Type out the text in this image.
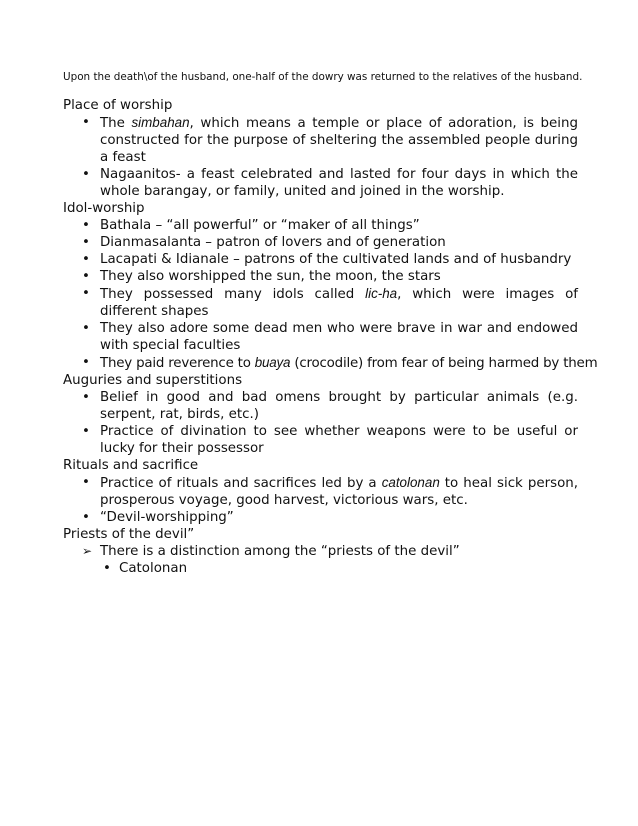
Upon the death\of the husband, one-half of the dowry was returned to the relatives of the husband.

Place of worship

• The simbahan, which means a temple or place of adoration, is being constructed for the purpose of sheltering the assembled people during a feast
• Nagaanitos- a feast celebrated and lasted for four days in which the whole barangay, or family, united and joined in the worship.

Idol-worship

• Bathala – “all powerful” or “maker of all things”
• Dianmasalanta – patron of lovers and of generation
• Lacapati & Idianale – patrons of the cultivated lands and of husbandry
• They also worshipped the sun, the moon, the stars
• They possessed many idols called lic-ha, which were images of different shapes
• They also adore some dead men who were brave in war and endowed with special faculties
• They paid reverence to buaya (crocodile) from fear of being harmed by them

Auguries and superstitions

• Belief in good and bad omens brought by particular animals (e.g. serpent, rat, birds, etc.)
• Practice of divination to see whether weapons were to be useful or lucky for their possessor

Rituals and sacrifice

• Practice of rituals and sacrifices led by a catolonan to heal sick person, prosperous voyage, good harvest, victorious wars, etc.
• “Devil-worshipping”

Priests of the devil”

➢ There is a distinction among the “priests of the devil”
• Catolonan
